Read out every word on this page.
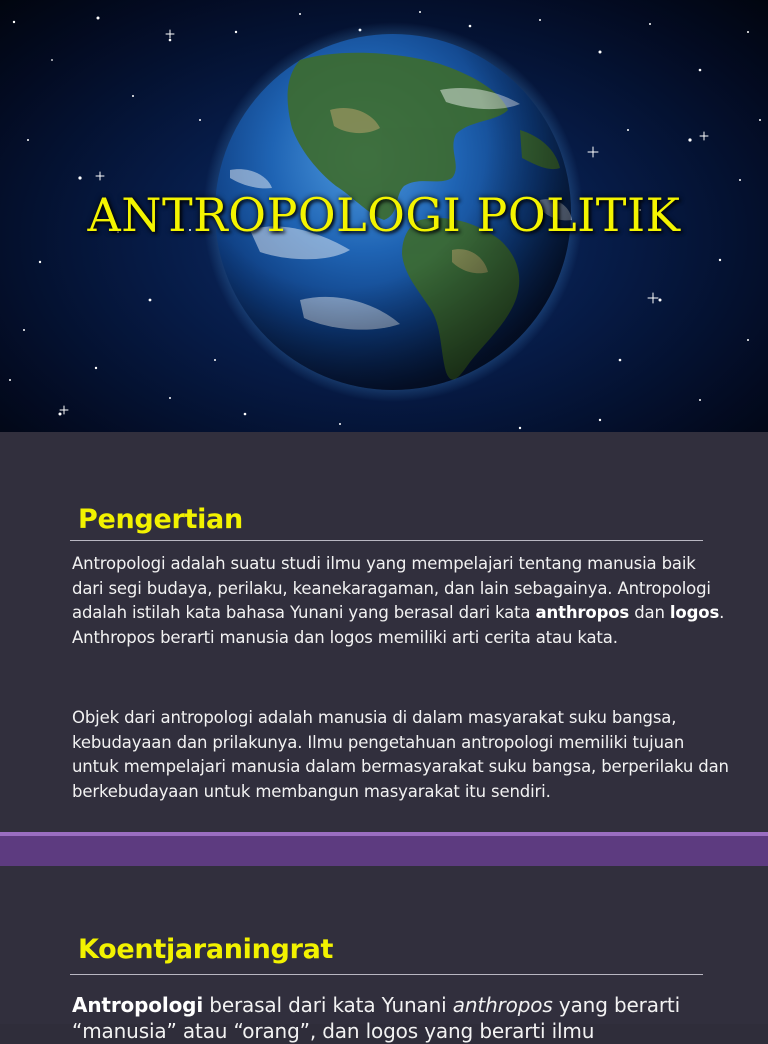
ANTROPOLOGI POLITIK
Pengertian

Antropologi adalah suatu studi ilmu yang mempelajari tentang manusia baik dari segi budaya, perilaku, keanekaragaman, dan lain sebagainya. Antropologi adalah istilah kata bahasa Yunani yang berasal dari kata anthropos dan logos. Anthropos berarti manusia dan logos memiliki arti cerita atau kata.

Objek dari antropologi adalah manusia di dalam masyarakat suku bangsa, kebudayaan dan prilakunya. Ilmu pengetahuan antropologi memiliki tujuan untuk mempelajari manusia dalam bermasyarakat suku bangsa, berperilaku dan berkebudayaan untuk membangun masyarakat itu sendiri.

Koentjaraningrat

Antropologi berasal dari kata Yunani anthropos yang berarti
“manusia” atau “orang”, dan logos yang berarti ilmu
